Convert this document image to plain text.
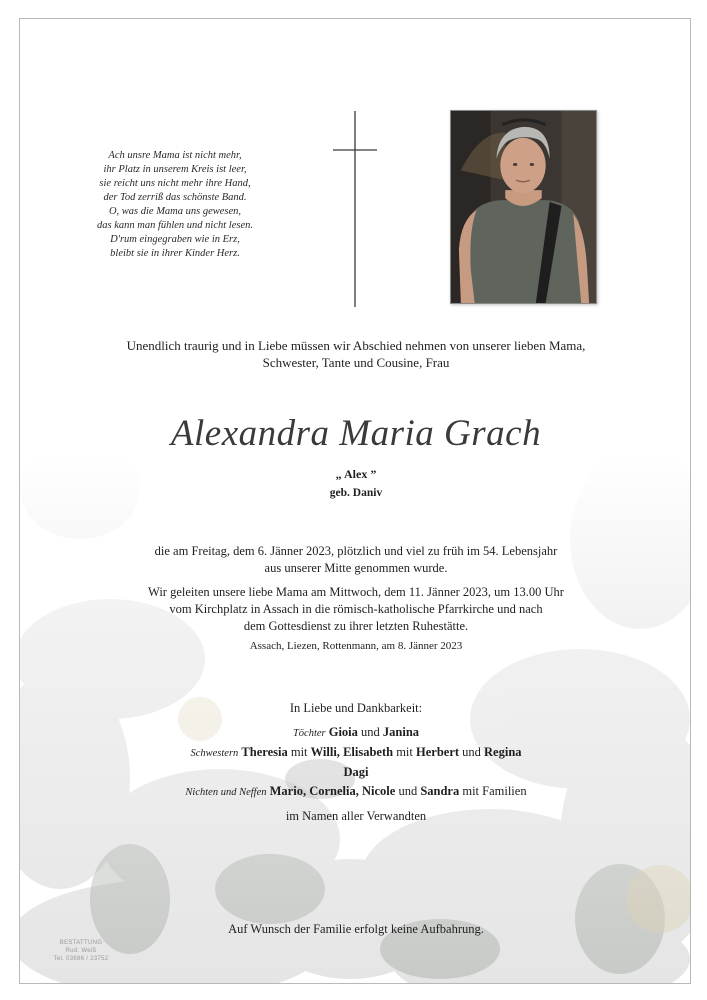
Ach unsre Mama ist nicht mehr,
ihr Platz in unserem Kreis ist leer,
sie reicht uns nicht mehr ihre Hand,
der Tod zerriß das schönste Band.
O, was die Mama uns gewesen,
das kann man fühlen und nicht lesen.
D'rum eingegraben wie in Erz,
bleibt sie in ihrer Kinder Herz.
Unendlich traurig und in Liebe müssen wir Abschied nehmen von unserer lieben Mama,
Schwester, Tante und Cousine, Frau
Alexandra Maria Grach
„ Alex ”
geb. Daniv
die am Freitag, dem 6. Jänner 2023, plötzlich und viel zu früh im 54. Lebensjahr
aus unserer Mitte genommen wurde.
Wir geleiten unsere liebe Mama am Mittwoch, dem 11. Jänner 2023, um 13.00 Uhr
vom Kirchplatz in Assach in die römisch-katholische Pfarrkirche und nach
dem Gottesdienst zu ihrer letzten Ruhestätte.
Assach, Liezen, Rottenmann, am 8. Jänner 2023
In Liebe und Dankbarkeit:
Töchter Gioia und Janina
Schwestern Theresia mit Willi, Elisabeth mit Herbert und Regina
Dagi
Nichten und Neffen Mario, Cornelia, Nicole und Sandra mit Familien
im Namen aller Verwandten
Auf Wunsch der Familie erfolgt keine Aufbahrung.
BESTATTUNG
Rud. Weiß
Tel. 03686 / 23752
